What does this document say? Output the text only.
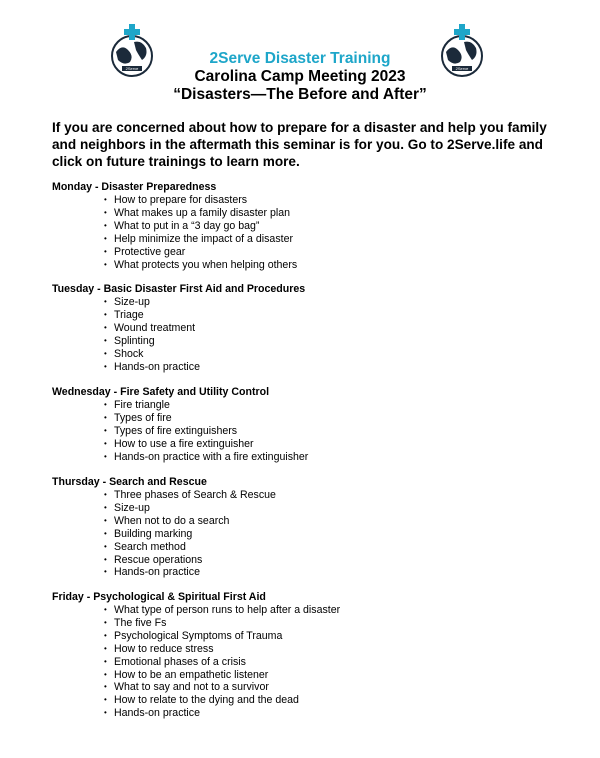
2Serve	2Serve
2Serve Disaster Training
Carolina Camp Meeting 2023
“Disasters—The Before and After”

If you are concerned about how to prepare for a disaster and help you family and neighbors in the aftermath this seminar is for you. Go to 2Serve.life and click on future trainings to learn more.

Monday - Disaster Preparedness

• How to prepare for disasters
• What makes up a family disaster plan
• What to put in a “3 day go bag”
• Help minimize the impact of a disaster
• Protective gear
• What protects you when helping others

Tuesday - Basic Disaster First Aid and Procedures

• Size-up
• Triage
• Wound treatment
• Splinting
• Shock
• Hands-on practice

Wednesday - Fire Safety and Utility Control

• Fire triangle
• Types of fire
• Types of fire extinguishers
• How to use a fire extinguisher
• Hands-on practice with a fire extinguisher

Thursday - Search and Rescue

• Three phases of Search & Rescue
• Size-up
• When not to do a search
• Building marking
• Search method
• Rescue operations
• Hands-on practice

Friday - Psychological & Spiritual First Aid

• What type of person runs to help after a disaster
• The five Fs
• Psychological Symptoms of Trauma
• How to reduce stress
• Emotional phases of a crisis
• How to be an empathetic listener
• What to say and not to a survivor
• How to relate to the dying and the dead
• Hands-on practice
